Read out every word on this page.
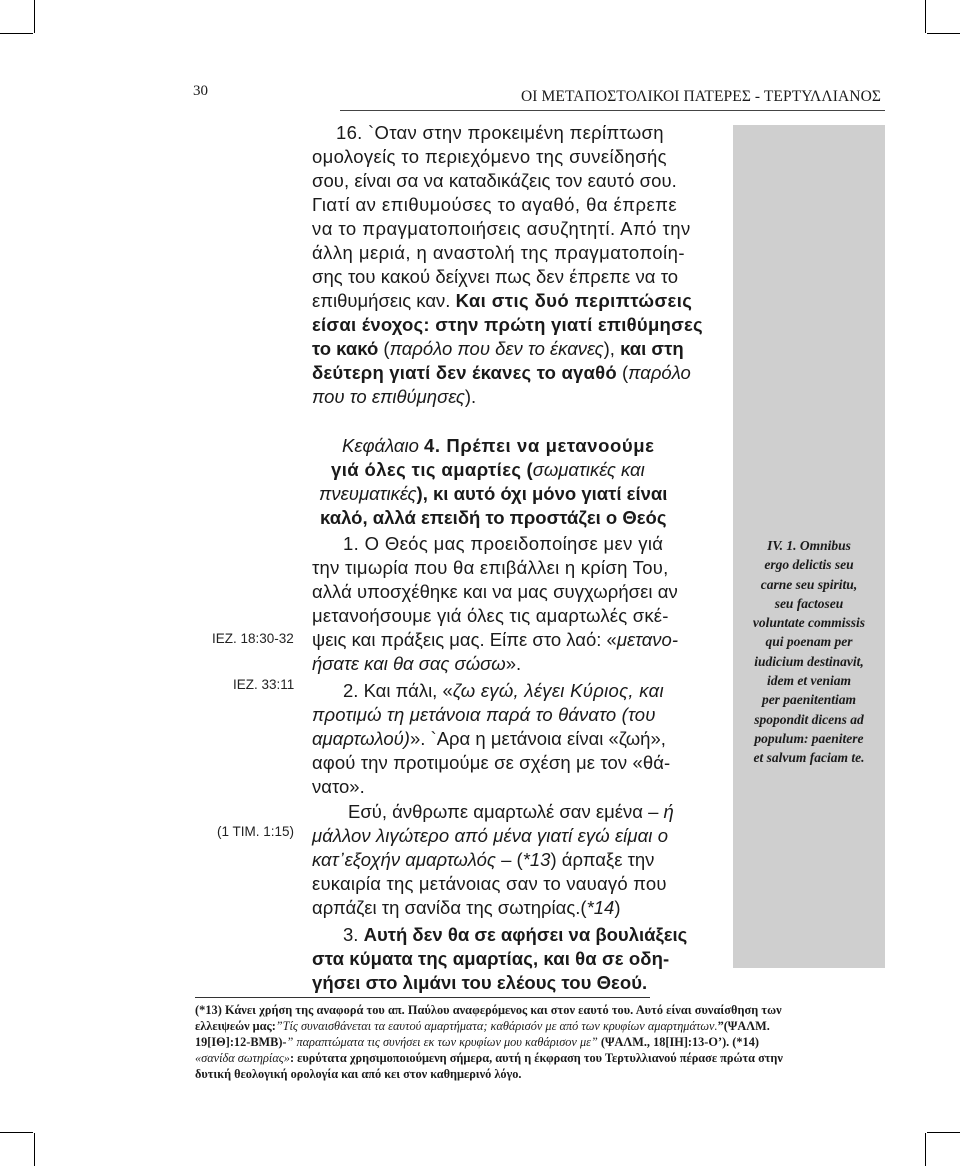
30	ΟΙ ΜΕΤΑΠΟΣΤΟΛΙΚΟΙ ΠΑΤΕΡΕΣ - ΤΕΡΤΥΛΛΙΑΝΟΣ
16. `Οταν στην προκειμένη περίπτωση
ομολογείς το περιεχόμενο της συνείδησής
σου, είναι σα να καταδικάζεις τον εαυτό σου.
Γιατί αν επιθυμούσες το αγαθό, θα έπρεπε
να το πραγματοποιήσεις ασυζητητί. Από την
άλλη μεριά, η αναστολή της πραγματοποίη-
σης του κακού δείχνει πως δεν έπρεπε να το
επιθυμήσεις καν. Και στις δυό περιπτώσεις
είσαι ένοχος: στην πρώτη γιατί επιθύμησες
το κακό (παρόλο που δεν το έκανες), και στη
δεύτερη γιατί δεν έκανες το αγαθό (παρόλο
που το επιθύμησες).
Κεφάλαιο 4. Πρέπει να μετανοούμε
γιά όλες τις αμαρτίες (σωματικές και
πνευματικές), κι αυτό όχι μόνο γιατί είναι
καλό, αλλά επειδή το προστάζει ο Θεός
1. Ο Θεός μας προειδοποίησε μεν γιά
την τιμωρία που θα επιβάλλει η κρίση Του,
αλλά υποσχέθηκε και να μας συγχωρήσει αν
μετανοήσουμε γιά όλες τις αμαρτωλές σκέ-
ψεις και πράξεις μας. Είπε στο λαό: «μετανο-
ήσατε και θα σας σώσω».
2. Και πάλι, «ζω εγώ, λέγει Κύριος, και
προτιμώ τη μετάνοια παρά το θάνατο (του
αμαρτωλού)». `Αρα η μετάνοια είναι «ζωή»,
αφού την προτιμούμε σε σχέση με τον «θά-
νατο».
Εσύ, άνθρωπε αμαρτωλέ σαν εμένα – ή
μάλλον λιγώτερο από μένα γιατί εγώ είμαι ο
κατ᾽εξοχήν αμαρτωλός – (*13) άρπαξε την
ευκαιρία της μετάνοιας σαν το ναυαγό που
αρπάζει τη σανίδα της σωτηρίας.(*14)
3. Αυτή δεν θα σε αφήσει να βουλιάξεις
στα κύματα της αμαρτίας, και θα σε οδη-
γήσει στο λιμάνι του ελέους του Θεού.
ΙΕΖ. 18:30-32
ΙΕΖ. 33:11
(1 ΤΙΜ. 1:15)
IV. 1. Omnibus
ergo delictis seu
carne seu spiritu,
seu factoseu
voluntate commissis
qui poenam per
iudicium destinavit,
idem et veniam
per paenitentiam
spopondit dicens ad
populum: paenitere
et salvum faciam te.
(*13) Κάνει χρήση της αναφορά του απ. Παύλου αναφερόμενος και στον εαυτό του. Αυτό είναι συναίσθηση των
ελλειψεών μας:”Τίς συναισθάνεται τα εαυτού αμαρτήματα; καθάρισόν με από των κρυφίων αμαρτημάτων.”(ΨΑΛΜ.
19[ΙΘ]:12-ΒΜΒ)-” παραπτώματα τις συνήσει εκ των κρυφίων μου καθάρισον με” (ΨΑΛΜ., 18[ΙΗ]:13-Ο’). (*14)
«σανίδα σωτηρίας»: ευρύτατα χρησιμοποιούμενη σήμερα, αυτή η έκφραση του Τερτυλλιανού πέρασε πρώτα στην
δυτική θεολογική ορολογία και από κει στον καθημερινό λόγο.
